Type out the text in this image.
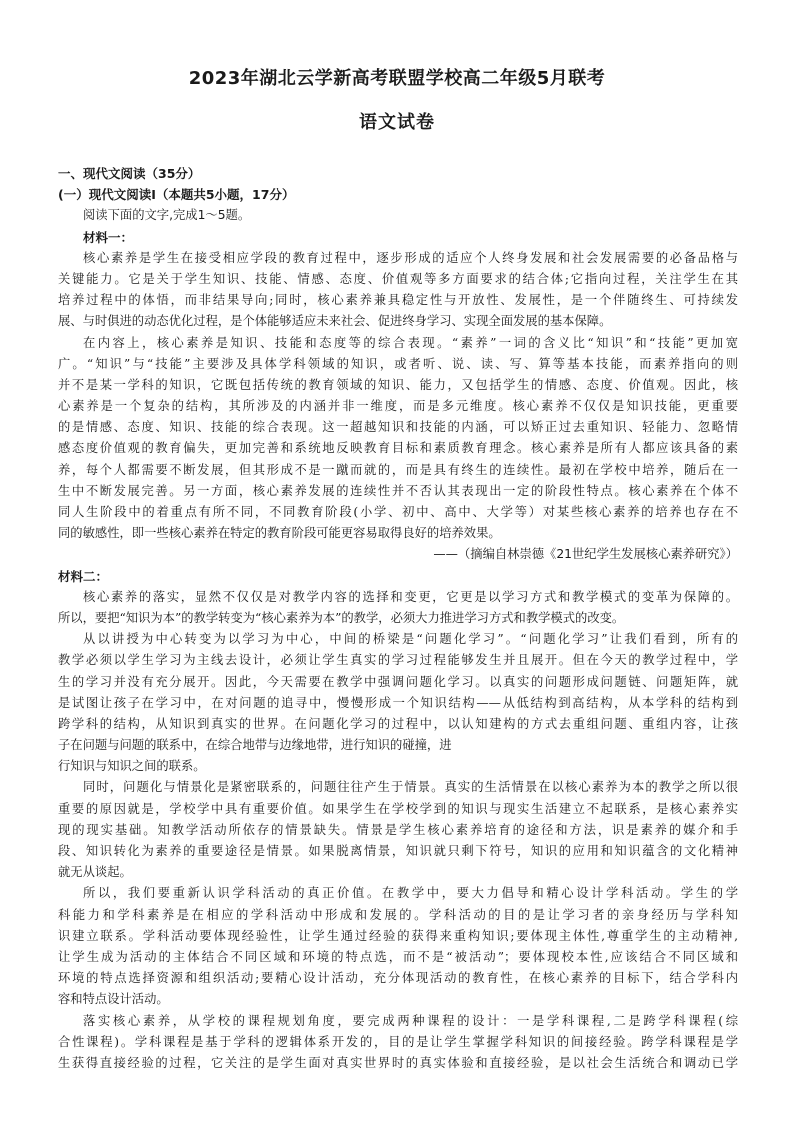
2023年湖北云学新高考联盟学校高二年级5月联考
语文试卷
一、现代文阅读（35分）
(一）现代文阅读Ⅰ（本题共5小题，17分）
阅读下面的文字,完成1～5题。
材料一：
核心素养是学生在接受相应学段的教育过程中，逐步形成的适应个人终身发展和社会发展需要的必备品格与
关键能力。它是关于学生知识、技能、情感、态度、价值观等多方面要求的结合体;它指向过程，关注学生在其
培养过程中的体悟，而非结果导向;同时，核心素养兼具稳定性与开放性、发展性，是一个伴随终生、可持续发
展、与时俱进的动态优化过程，是个体能够适应未来社会、促进终身学习、实现全面发展的基本保障。
在内容上，核心素养是知识、技能和态度等的综合表现。“素养”一词的含义比“知识”和“技能”更加宽
广。“知识”与“技能”主要涉及具体学科领域的知识，或者听、说、读、写、算等基本技能，而素养指向的则
并不是某一学科的知识，它既包括传统的教育领域的知识、能力，又包括学生的情感、态度、价值观。因此，核
心素养是一个复杂的结构，其所涉及的内涵并非一维度，而是多元维度。核心素养不仅仅是知识技能，更重要
的是情感、态度、知识、技能的综合表现。这一超越知识和技能的内涵，可以矫正过去重知识、轻能力、忽略情
感态度价值观的教育偏失，更加完善和系统地反映教育目标和素质教育理念。核心素养是所有人都应该具备的素
养，每个人都需要不断发展，但其形成不是一蹴而就的，而是具有终生的连续性。最初在学校中培养，随后在一
生中不断发展完善。另一方面，核心素养发展的连续性并不否认其表现出一定的阶段性特点。核心素养在个体不
同人生阶段中的着重点有所不同，不同教育阶段(小学、初中、高中、大学等）对某些核心素养的培养也存在不
同的敏感性，即一些核心素养在特定的教育阶段可能更容易取得良好的培养效果。
——（摘编自林崇德《21世纪学生发展核心素养研究》）
材料二：
核心素养的落实，显然不仅仅是对教学内容的选择和变更，它更是以学习方式和教学模式的变革为保障的。
所以，要把“知识为本”的教学转变为“核心素养为本”的教学，必须大力推进学习方式和教学模式的改变。
从以讲授为中心转变为以学习为中心，中间的桥梁是“问题化学习”。“问题化学习”让我们看到，所有的
教学必须以学生学习为主线去设计，必须让学生真实的学习过程能够发生并且展开。但在今天的教学过程中，学
生的学习并没有充分展开。因此，今天需要在教学中强调问题化学习。以真实的问题形成问题链、问题矩阵，就
是试图让孩子在学习中，在对问题的追寻中，慢慢形成一个知识结构——从低结构到高结构，从本学科的结构到
跨学科的结构，从知识到真实的世界。在问题化学习的过程中，以认知建构的方式去重组问题、重组内容，让孩
子在问题与问题的联系中，在综合地带与边缘地带，进行知识的碰撞，进
行知识与知识之间的联系。
同时，问题化与情景化是紧密联系的，问题往往产生于情景。真实的生活情景在以核心素养为本的教学之所以很
重要的原因就是，学校学中具有重要价值。如果学生在学校学到的知识与现实生活建立不起联系，是核心素养实
现的现实基础。知教学活动所依存的情景缺失。情景是学生核心素养培育的途径和方法，识是素养的媒介和手
段、知识转化为素养的重要途径是情景。如果脱离情景，知识就只剩下符号，知识的应用和知识蕴含的文化精神
就无从谈起。
所以，我们要重新认识学科活动的真正价值。在教学中，要大力倡导和精心设计学科活动。学生的学
科能力和学科素养是在相应的学科活动中形成和发展的。学科活动的目的是让学习者的亲身经历与学科知
识建立联系。学科活动要体现经验性，让学生通过经验的获得来重构知识;要体现主体性,尊重学生的主动精神,
让学生成为活动的主体结合不同区域和环境的特点选，而不是“被活动”；要体现校本性,应该结合不同区域和
环境的特点选择资源和组织活动;要精心设计活动，充分体现活动的教育性，在核心素养的目标下，结合学科内
容和特点设计活动。
落实核心素养，从学校的课程规划角度，要完成两种课程的设计：一是学科课程,二是跨学科课程(综
合性课程)。学科课程是基于学科的逻辑体系开发的，目的是让学生掌握学科知识的间接经验。跨学科课程是学
生获得直接经验的过程，它关注的是学生面对真实世界时的真实体验和直接经验，是以社会生活统合和调动已学
